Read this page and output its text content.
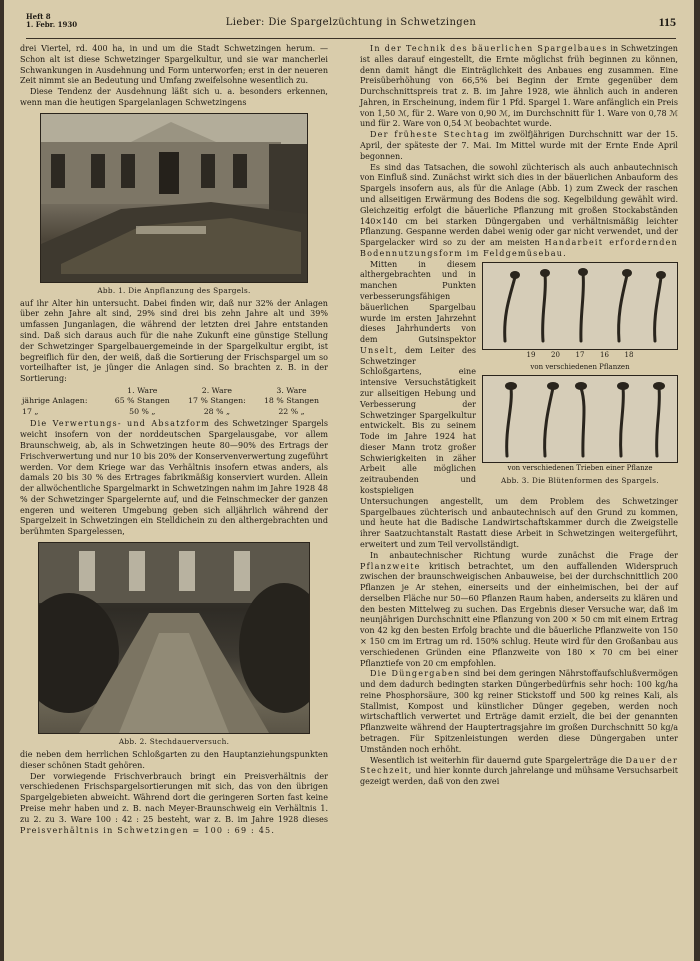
Heft 8
1. Febr. 1930	Lieber: Die Spargelzüchtung in Schwetzingen	115

drei Viertel, rd. 400 ha, in und um die Stadt Schwetzingen herum. — Schon alt ist diese Schwetzinger Spargelkultur, und sie war mancherlei Schwankungen in Ausdehnung und Form unterworfen; erst in der neueren Zeit nimmt sie an Bedeutung und Umfang zweifelsohne wesentlich zu.

Diese Tendenz der Ausdehnung läßt sich u. a. besonders erkennen, wenn man die heutigen Spargelanlagen Schwetzingens

Abb. 1. Die Anpflanzung des Spargels.

auf ihr Alter hin untersucht. Dabei finden wir, daß nur 32% der Anlagen über zehn Jahre alt sind, 29% sind drei bis zehn Jahre alt und 39% umfassen Junganlagen, die während der letzten drei Jahre entstanden sind. Daß sich daraus auch für die nahe Zukunft eine günstige Stellung der Schwetzinger Spargelbauergemeinde in der Spargelkultur ergibt, ist begreiflich für den, der weiß, daß die Sortierung der Frischspargel um so vorteilhafter ist, je jünger die Anlagen sind. So brachten z. B. in der Sortierung:

	1. Ware	2. Ware	3. Ware
jährige Anlagen:	65 % Stangen	17 % Stangen:	18 % Stangen
17 „	50 % „	28 % „	22 % „

Die Verwertungs- und Absatzform des Schwetzinger Spargels weicht insofern von der norddeutschen Spargelausgabe, vor allem Braunschweig, ab, als in Schwetzingen heute 80—90% des Ertrags der Frischverwertung und nur 10 bis 20% der Konservenverwertung zugeführt werden. Vor dem Kriege war das Verhältnis insofern etwas anders, als damals 20 bis 30 % des Ertrages fabrikmäßig konserviert wurden. Allein der allwöchentliche Spargelmarkt in Schwetzingen nahm im Jahre 1928 48 % der Schwetzinger Spargelernte auf, und die Feinschmecker der ganzen engeren und weiteren Umgebung geben sich alljährlich während der Spargelzeit in Schwetzingen ein Stelldichein zu den althergebrachten und berühmten Spargelessen,

Abb. 2. Stechdauerversuch.

die neben dem herrlichen Schloßgarten zu den Hauptanziehungspunkten dieser schönen Stadt gehören.

Der vorwiegende Frischverbrauch bringt ein Preisverhältnis der verschiedenen Frischspargelsortierungen mit sich, das von den übrigen Spargelgebieten abweicht. Während dort die geringeren Sorten fast keine Preise mehr haben und z. B. nach Meyer-Braunschweig ein Verhältnis 1. zu 2. zu 3. Ware 100 : 42 : 25 besteht, war z. B. im Jahre 1928 dieses Preisverhältnis in Schwetzingen = 100 : 69 : 45.

In der Technik des bäuerlichen Spargelbaues in Schwetzingen ist alles darauf eingestellt, die Ernte möglichst früh beginnen zu können, denn damit hängt die Einträglichkeit des Anbaues eng zusammen. Eine Preisüberhöhung von 66,5% bei Beginn der Ernte gegenüber dem Durchschnittspreis trat z. B. im Jahre 1928, wie ähnlich auch in anderen Jahren, in Erscheinung, indem für 1 Pfd. Spargel 1. Ware anfänglich ein Preis von 1,50 ℳ, für 2. Ware von 0,90 ℳ, im Durchschnitt für 1. Ware von 0,78 ℳ und für 2. Ware von 0,54 ℳ beobachtet wurde.

Der früheste Stechtag im zwölfjährigen Durchschnitt war der 15. April, der späteste der 7. Mai. Im Mittel wurde mit der Ernte Ende April begonnen.

Es sind das Tatsachen, die sowohl züchterisch als auch anbautechnisch von Einfluß sind. Zunächst wirkt sich dies in der bäuerlichen Anbauform des Spargels insofern aus, als für die Anlage (Abb. 1) zum Zweck der raschen und allseitigen Erwärmung des Bodens die sog. Kegelbildung gewählt wird. Gleichzeitig erfolgt die bäuerliche Pflanzung mit großen Stockabständen 140×140 cm bei starken Düngergaben und verhältnismäßig leichter Pflanzung. Gespanne werden dabei wenig oder gar nicht verwendet, und der Spargelacker wird so zu der am meisten Handarbeit erfordernden Bodennutzungsform im Feldgemüsebau.

19 20 17 16 18
von verschiedenen Pflanzen
von verschiedenen Trieben einer Pflanze
Abb. 3. Die Blütenformen des Spargels.

Mitten in diesem althergebrachten und in manchen Punkten verbesserungsfähigen bäuerlichen Spargelbau wurde im ersten Jahrzehnt dieses Jahrhunderts von dem Gutsinspektor Unselt, dem Leiter des Schwetzinger Schloßgartens, eine intensive Versuchstätigkeit zur allseitigen Hebung und Verbesserung der Schwetzinger Spargelkultur entwickelt. Bis zu seinem Tode im Jahre 1924 hat dieser Mann trotz großer Schwierigkeiten in zäher Arbeit alle möglichen zeitraubenden und kostspieligen Untersuchungen angestellt, um dem Problem des Schwetzinger Spargelbaues züchterisch und anbautechnisch auf den Grund zu kommen, und heute hat die Badische Landwirtschaftskammer durch die Zweigstelle ihrer Saatzuchtanstalt Rastatt diese Arbeit in Schwetzingen weitergeführt, erweitert und zum Teil vervollständigt.

In anbautechnischer Richtung wurde zunächst die Frage der Pflanzweite kritisch betrachtet, um den auffallenden Widerspruch zwischen der braunschweigischen Anbauweise, bei der durchschnittlich 200 Pflanzen je Ar stehen, einerseits und der einheimischen, bei der auf derselben Fläche nur 50—60 Pflanzen Raum haben, anderseits zu klären und den besten Mittelweg zu suchen. Das Ergebnis dieser Versuche war, daß im neunjährigen Durchschnitt eine Pflanzung von 200 × 50 cm mit einem Ertrag von 42 kg den besten Erfolg brachte und die bäuerliche Pflanzweite von 150 × 150 cm im Ertrag um rd. 150% schlug. Heute wird für den Großanbau aus verschiedenen Gründen eine Pflanzweite von 180 × 70 cm bei einer Pflanztiefe von 20 cm empfohlen.

Die Düngergaben sind bei dem geringen Nährstoffaufschlußvermögen und dem dadurch bedingten starken Düngerbedürfnis sehr hoch: 100 kg/ha reine Phosphorsäure, 300 kg reiner Stickstoff und 500 kg reines Kali, als Stallmist, Kompost und künstlicher Dünger gegeben, werden noch wirtschaftlich verwertet und Erträge damit erzielt, die bei der genannten Pflanzweite während der Hauptertragsjahre im großen Durchschnitt 50 kg/a betragen. Für Spitzenleistungen werden diese Düngergaben unter Umständen noch erhöht.

Wesentlich ist weiterhin für dauernd gute Spargelerträge die Dauer der Stechzeit, und hier konnte durch jahrelange und mühsame Versuchsarbeit gezeigt werden, daß von den zwei
